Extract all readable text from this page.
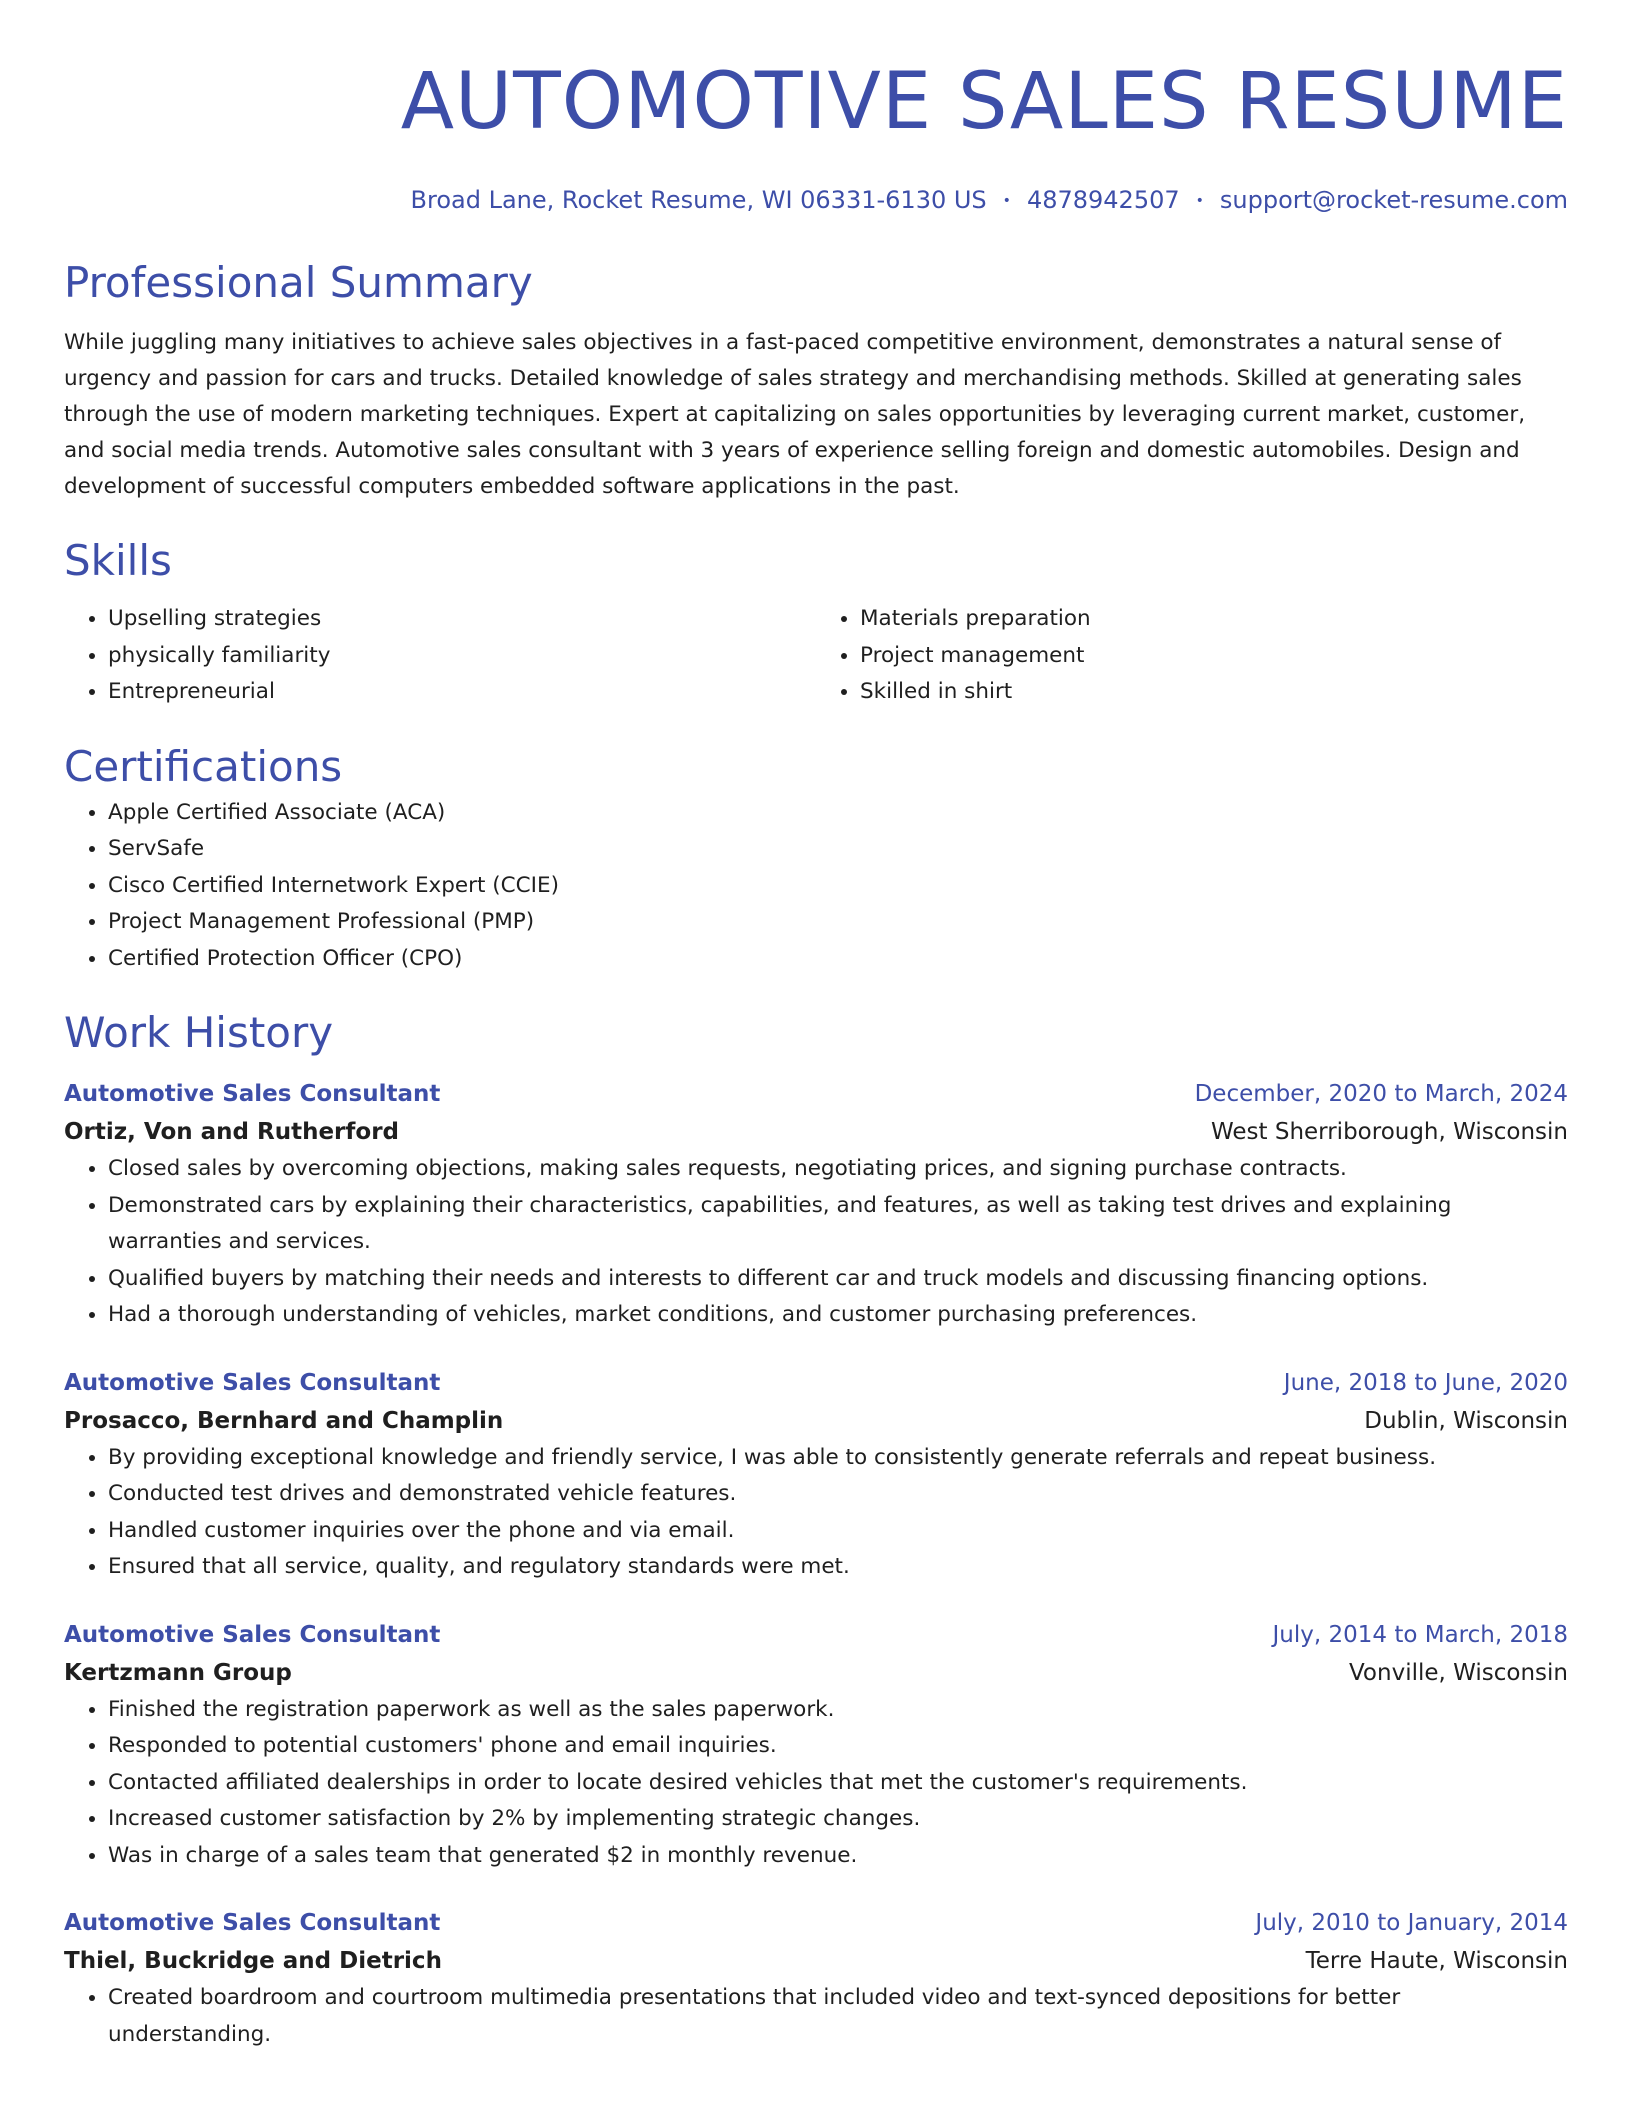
AUTOMOTIVE SALES RESUME
Broad Lane, Rocket Resume, WI 06331-6130 US • 4878942507 • support@rocket-resume.com
Professional Summary
While juggling many initiatives to achieve sales objectives in a fast-paced competitive environment, demonstrates a natural sense of urgency and passion for cars and trucks. Detailed knowledge of sales strategy and merchandising methods. Skilled at generating sales through the use of modern marketing techniques. Expert at capitalizing on sales opportunities by leveraging current market, customer, and social media trends. Automotive sales consultant with 3 years of experience selling foreign and domestic automobiles. Design and development of successful computers embedded software applications in the past.
Skills
• Upselling strategies
• physically familiarity
• Entrepreneurial
• Materials preparation
• Project management
• Skilled in shirt
Certifications
• Apple Certified Associate (ACA)
• ServSafe
• Cisco Certified Internetwork Expert (CCIE)
• Project Management Professional (PMP)
• Certified Protection Officer (CPO)
Work History
Automotive Sales Consultant	December, 2020 to March, 2024
Ortiz, Von and Rutherford	West Sherriborough, Wisconsin
• Closed sales by overcoming objections, making sales requests, negotiating prices, and signing purchase contracts.
• Demonstrated cars by explaining their characteristics, capabilities, and features, as well as taking test drives and explaining warranties and services.
• Qualified buyers by matching their needs and interests to different car and truck models and discussing financing options.
• Had a thorough understanding of vehicles, market conditions, and customer purchasing preferences.
Automotive Sales Consultant	June, 2018 to June, 2020
Prosacco, Bernhard and Champlin	Dublin, Wisconsin
• By providing exceptional knowledge and friendly service, I was able to consistently generate referrals and repeat business.
• Conducted test drives and demonstrated vehicle features.
• Handled customer inquiries over the phone and via email.
• Ensured that all service, quality, and regulatory standards were met.
Automotive Sales Consultant	July, 2014 to March, 2018
Kertzmann Group	Vonville, Wisconsin
• Finished the registration paperwork as well as the sales paperwork.
• Responded to potential customers' phone and email inquiries.
• Contacted affiliated dealerships in order to locate desired vehicles that met the customer's requirements.
• Increased customer satisfaction by 2% by implementing strategic changes.
• Was in charge of a sales team that generated $2 in monthly revenue.
Automotive Sales Consultant	July, 2010 to January, 2014
Thiel, Buckridge and Dietrich	Terre Haute, Wisconsin
• Created boardroom and courtroom multimedia presentations that included video and text-synced depositions for better understanding.
